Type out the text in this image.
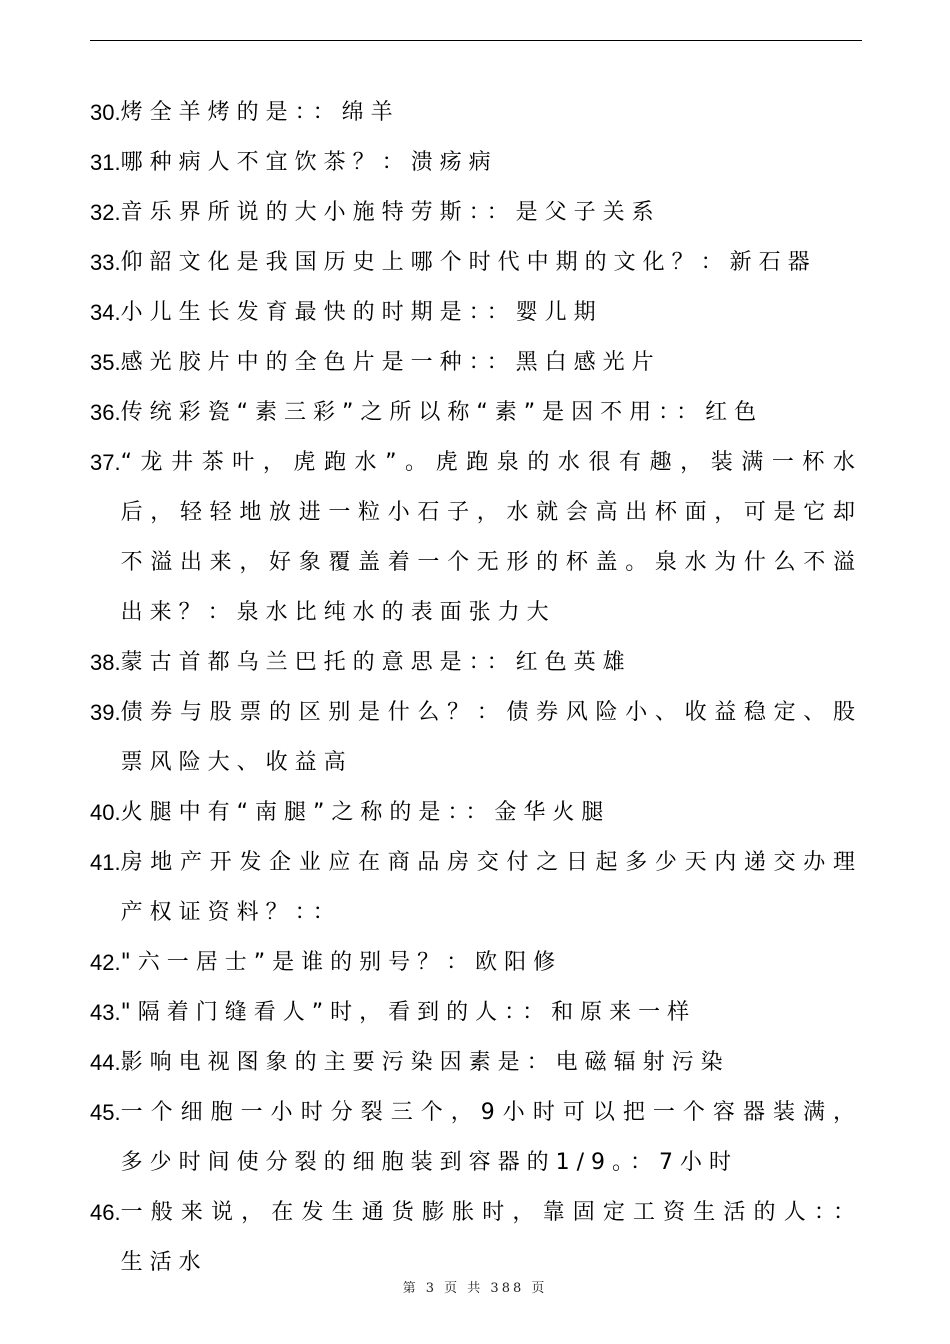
30. 烤全羊烤的是：：绵羊
31. 哪种病人不宜饮茶？：溃疡病
32. 音乐界所说的大小施特劳斯：：是父子关系
33. 仰韶文化是我国历史上哪个时代中期的文化？：新石器
34. 小儿生长发育最快的时期是：：婴儿期
35. 感光胶片中的全色片是一种：：黑白感光片
36. 传统彩瓷“素三彩”之所以称“素”是因不用：：红色
37. “龙井茶叶，虎跑水”。虎跑泉的水很有趣，装满一杯水后，轻轻地放进一粒小石子，水就会高出杯面，可是它却不溢出来，好象覆盖着一个无形的杯盖。泉水为什么不溢出来？：泉水比纯水的表面张力大
38. 蒙古首都乌兰巴托的意思是：：红色英雄
39. 债券与股票的区别是什么？：债券风险小、收益稳定、股票风险大、收益高
40. 火腿中有“南腿”之称的是：：金华火腿
41. 房地产开发企业应在商品房交付之日起多少天内递交办理产权证资料？：：
42. "六一居士”是谁的别号？：欧阳修
43. "隔着门缝看人”时，看到的人：：和原来一样
44. 影响电视图象的主要污染因素是：电磁辐射污染
45. 一个细胞一小时分裂三个，9小时可以把一个容器装满，多少时间使分裂的细胞装到容器的1/9。：7小时
46. 一般来说，在发生通货膨胀时，靠固定工资生活的人：：生活水
第 3 页 共 388 页
